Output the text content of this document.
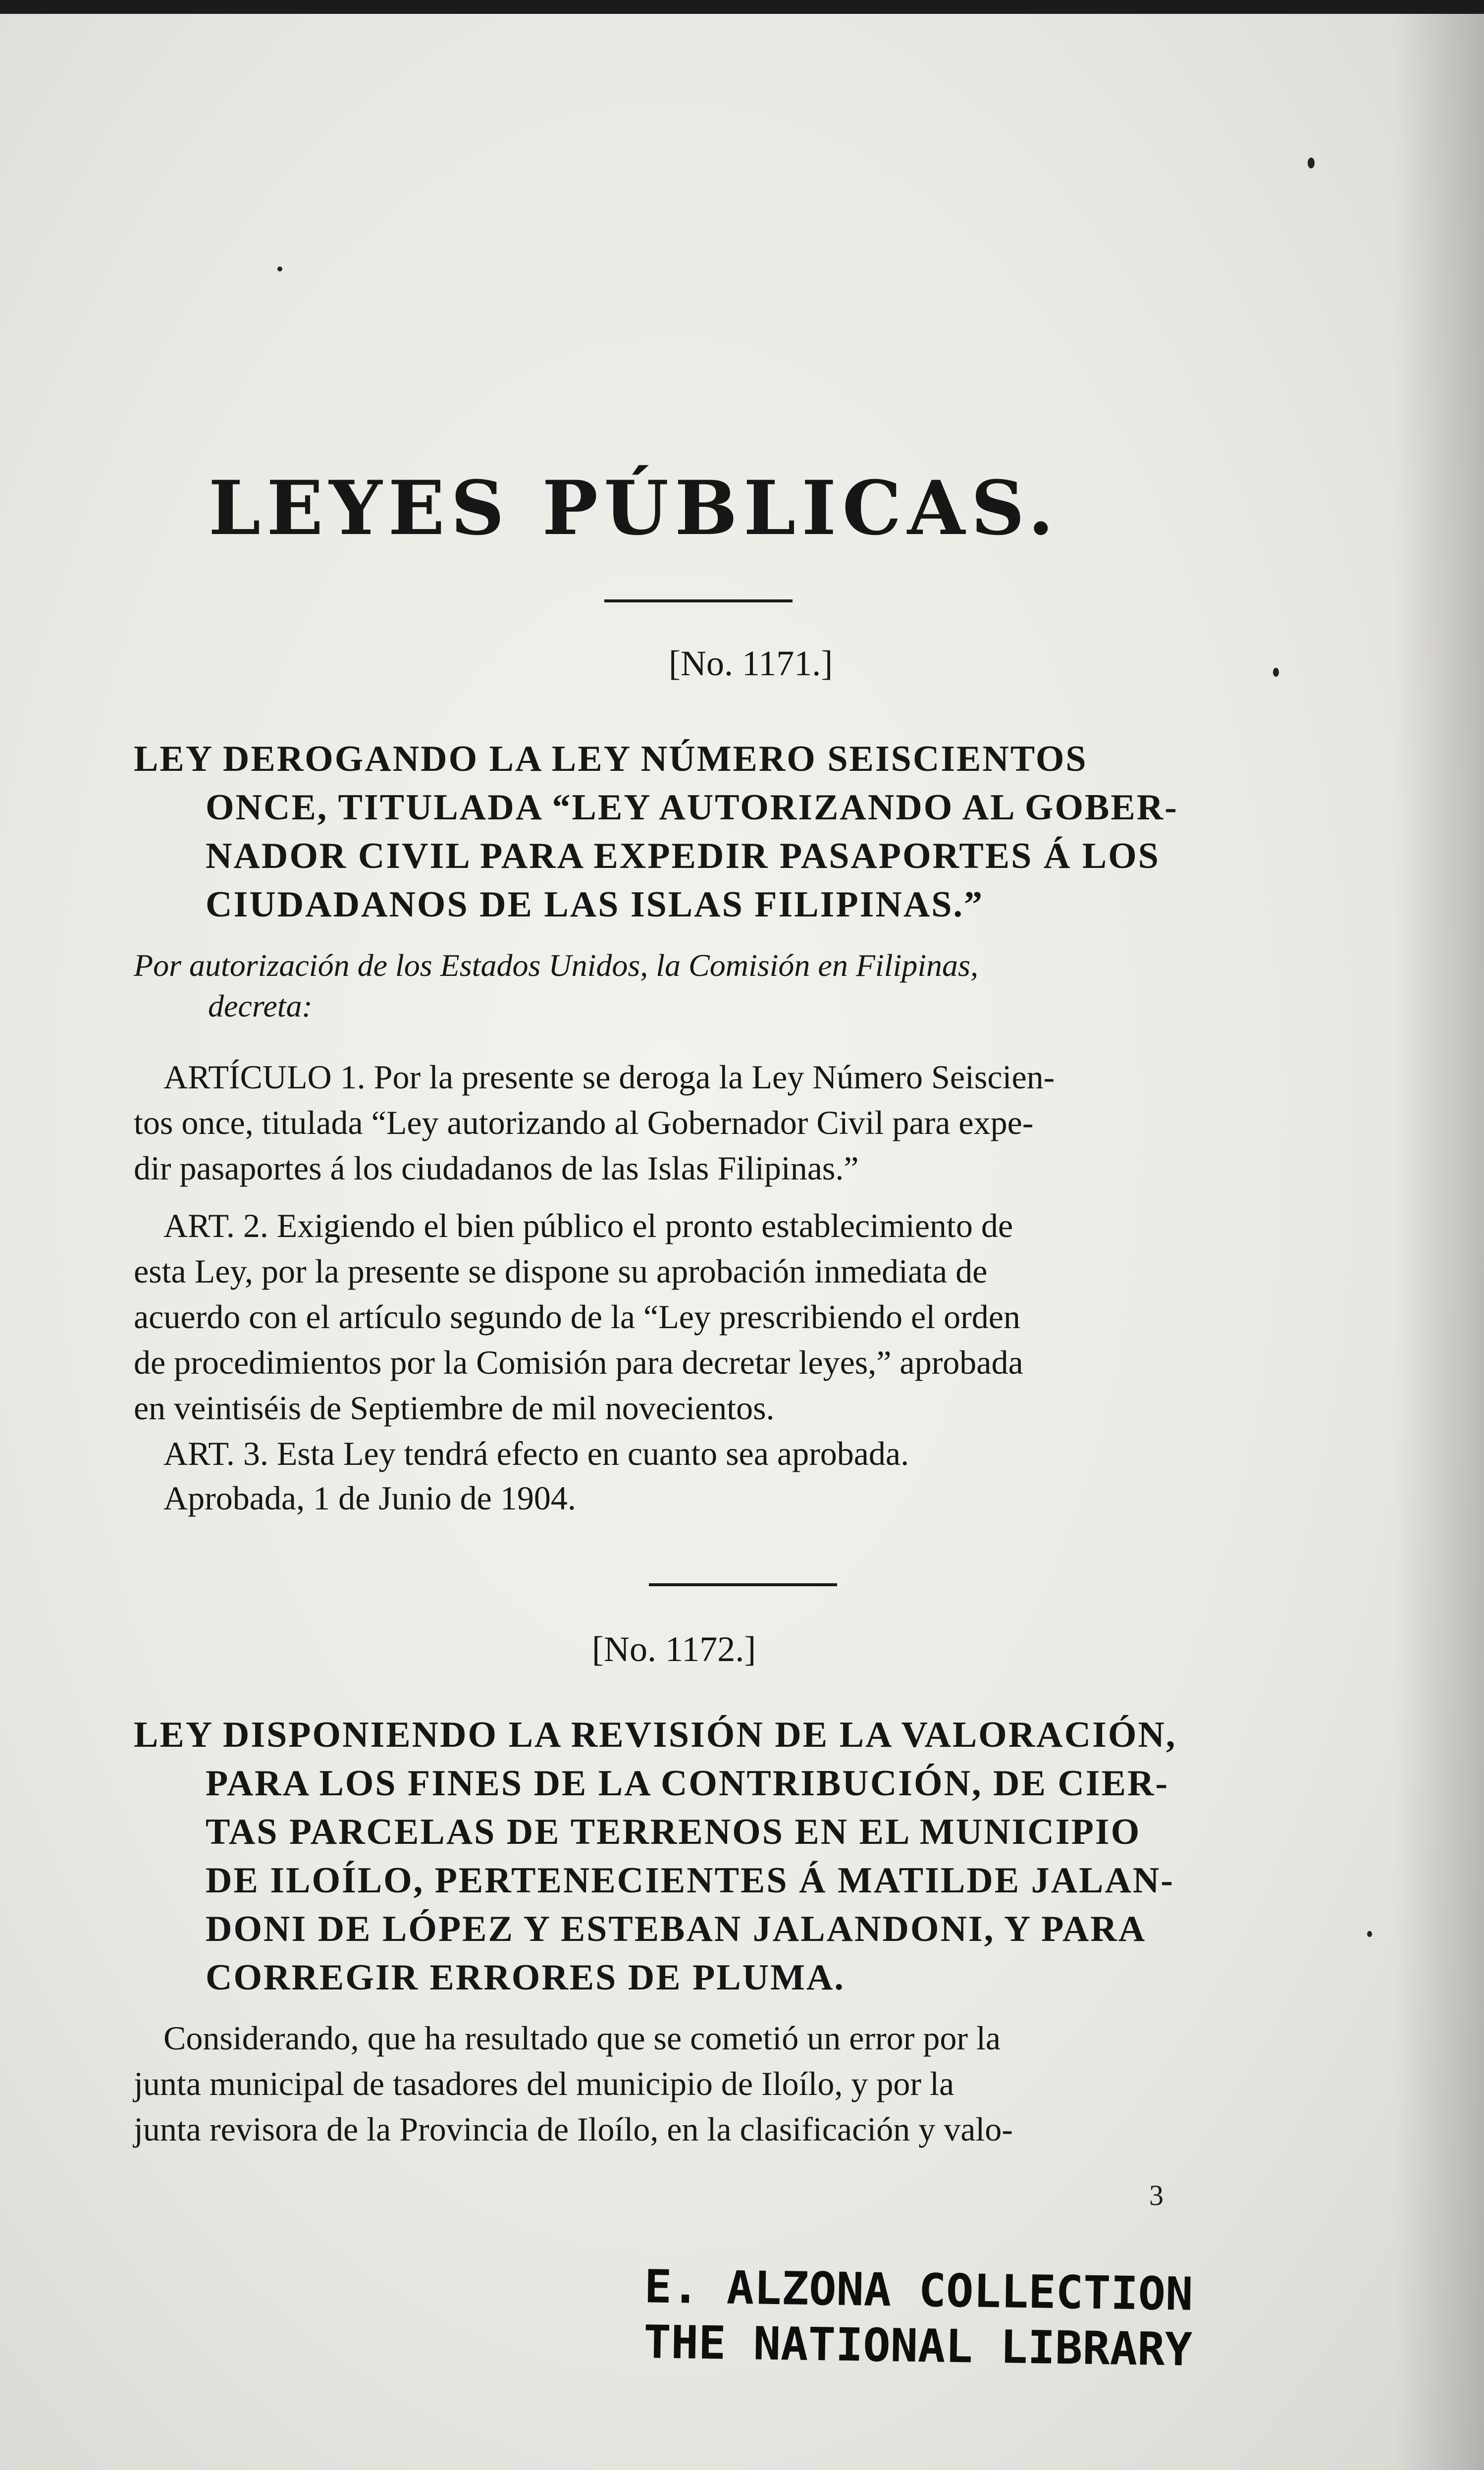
LEYES PÚBLICAS.
[No. 1171.]
LEY DEROGANDO LA LEY NÚMERO SEISCIENTOS
ONCE, TITULADA “LEY AUTORIZANDO AL GOBER-
NADOR CIVIL PARA EXPEDIR PASAPORTES Á LOS
CIUDADANOS DE LAS ISLAS FILIPINAS.”
Por autorización de los Estados Unidos, la Comisión en Filipinas,
decreta:
ARTÍCULO 1. Por la presente se deroga la Ley Número Seiscien-
tos once, titulada “Ley autorizando al Gobernador Civil para expe-
dir pasaportes á los ciudadanos de las Islas Filipinas.”
ART. 2. Exigiendo el bien público el pronto establecimiento de
esta Ley, por la presente se dispone su aprobación inmediata de
acuerdo con el artículo segundo de la “Ley prescribiendo el orden
de procedimientos por la Comisión para decretar leyes,” aprobada
en veintiséis de Septiembre de mil novecientos.
ART. 3. Esta Ley tendrá efecto en cuanto sea aprobada.
Aprobada, 1 de Junio de 1904.
[No. 1172.]
LEY DISPONIENDO LA REVISIÓN DE LA VALORACIÓN,
PARA LOS FINES DE LA CONTRIBUCIÓN, DE CIER-
TAS PARCELAS DE TERRENOS EN EL MUNICIPIO
DE ILOÍLO, PERTENECIENTES Á MATILDE JALAN-
DONI DE LÓPEZ Y ESTEBAN JALANDONI, Y PARA
CORREGIR ERRORES DE PLUMA.
Considerando, que ha resultado que se cometió un error por la
junta municipal de tasadores del municipio de Iloílo, y por la
junta revisora de la Provincia de Iloílo, en la clasificación y valo-
3
E. ALZONA COLLECTION
THE NATIONAL LIBRARY
